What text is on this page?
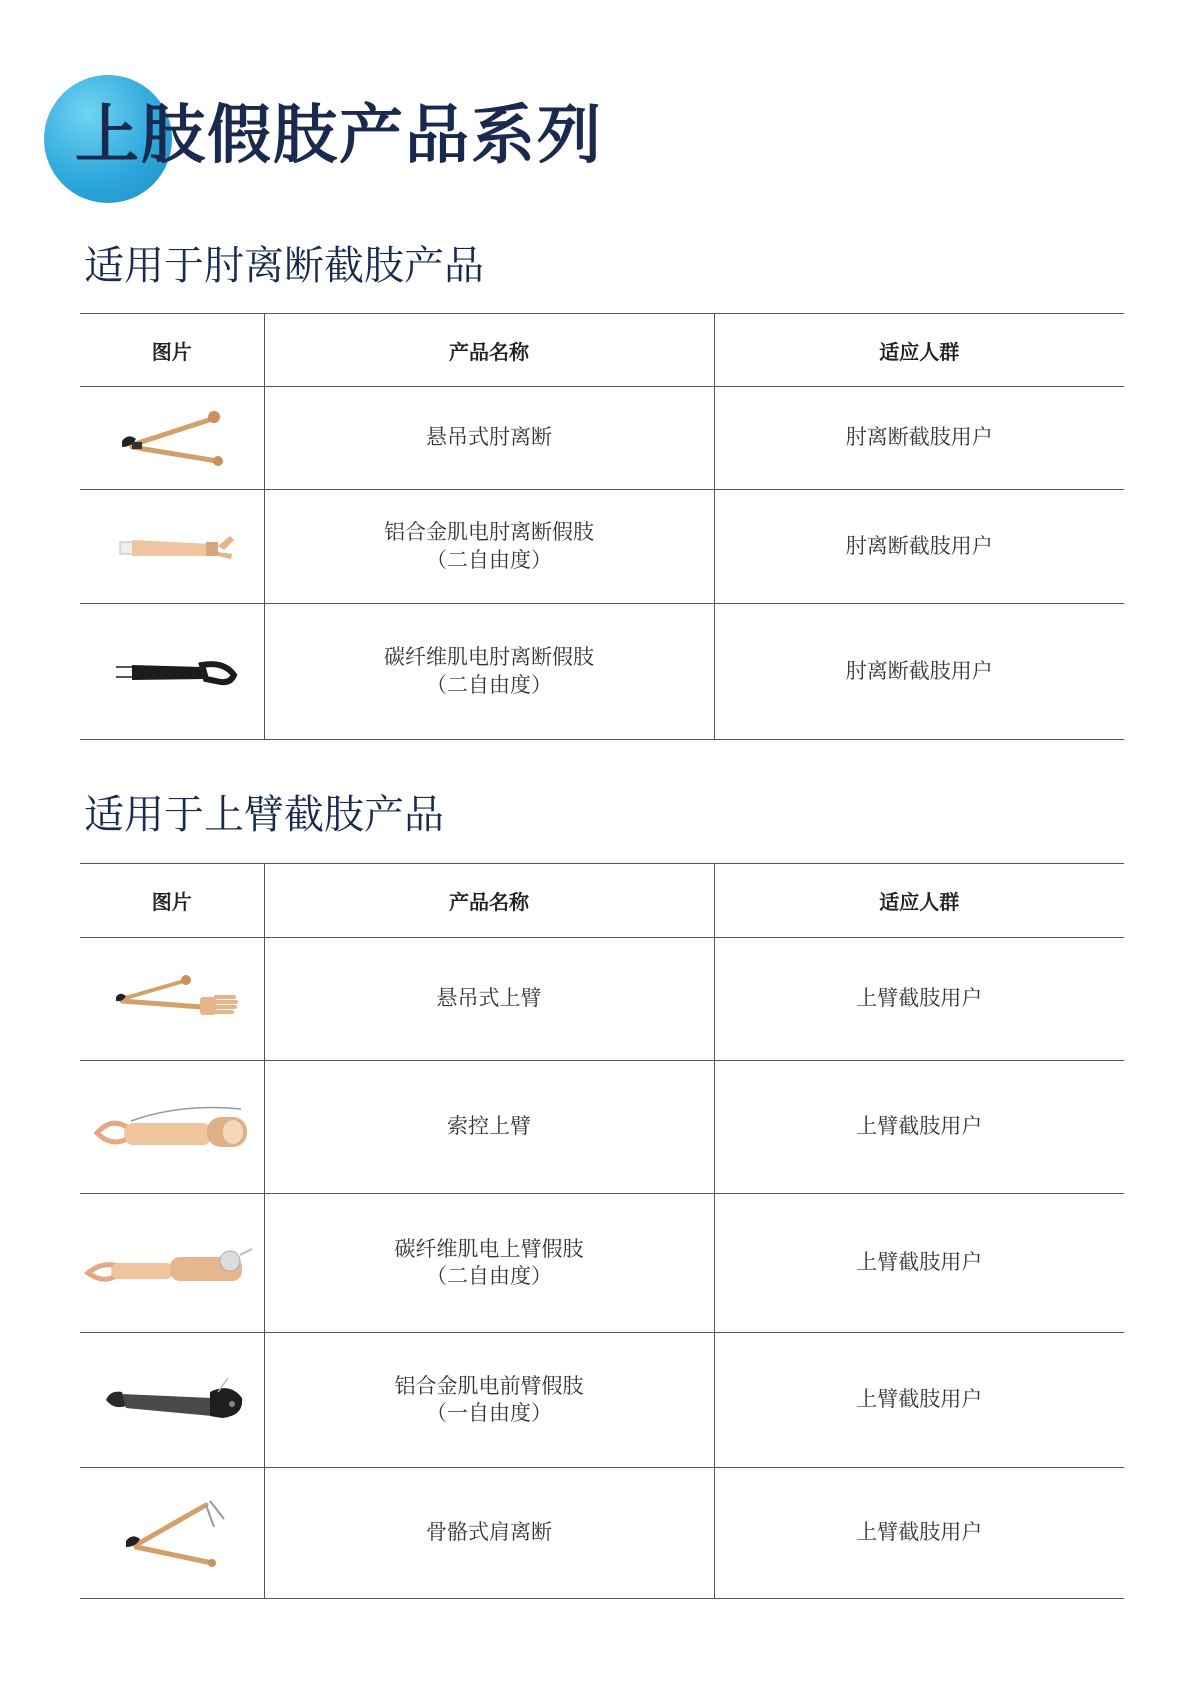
上肢假肢产品系列
适用于肘离断截肢产品
图片	产品名称	适应人群

悬吊式肘离断	肘离断截肢用户

铝合金肌电肘离断假肢
（二自由度）	肘离断截肢用户

碳纤维肌电肘离断假肢
（二自由度）	肘离断截肢用户
适用于上臂截肢产品
图片	产品名称	适应人群

悬吊式上臂	上臂截肢用户

索控上臂	上臂截肢用户

碳纤维肌电上臂假肢
（二自由度）	上臂截肢用户

铝合金肌电前臂假肢
（一自由度）	上臂截肢用户

骨骼式肩离断	上臂截肢用户
